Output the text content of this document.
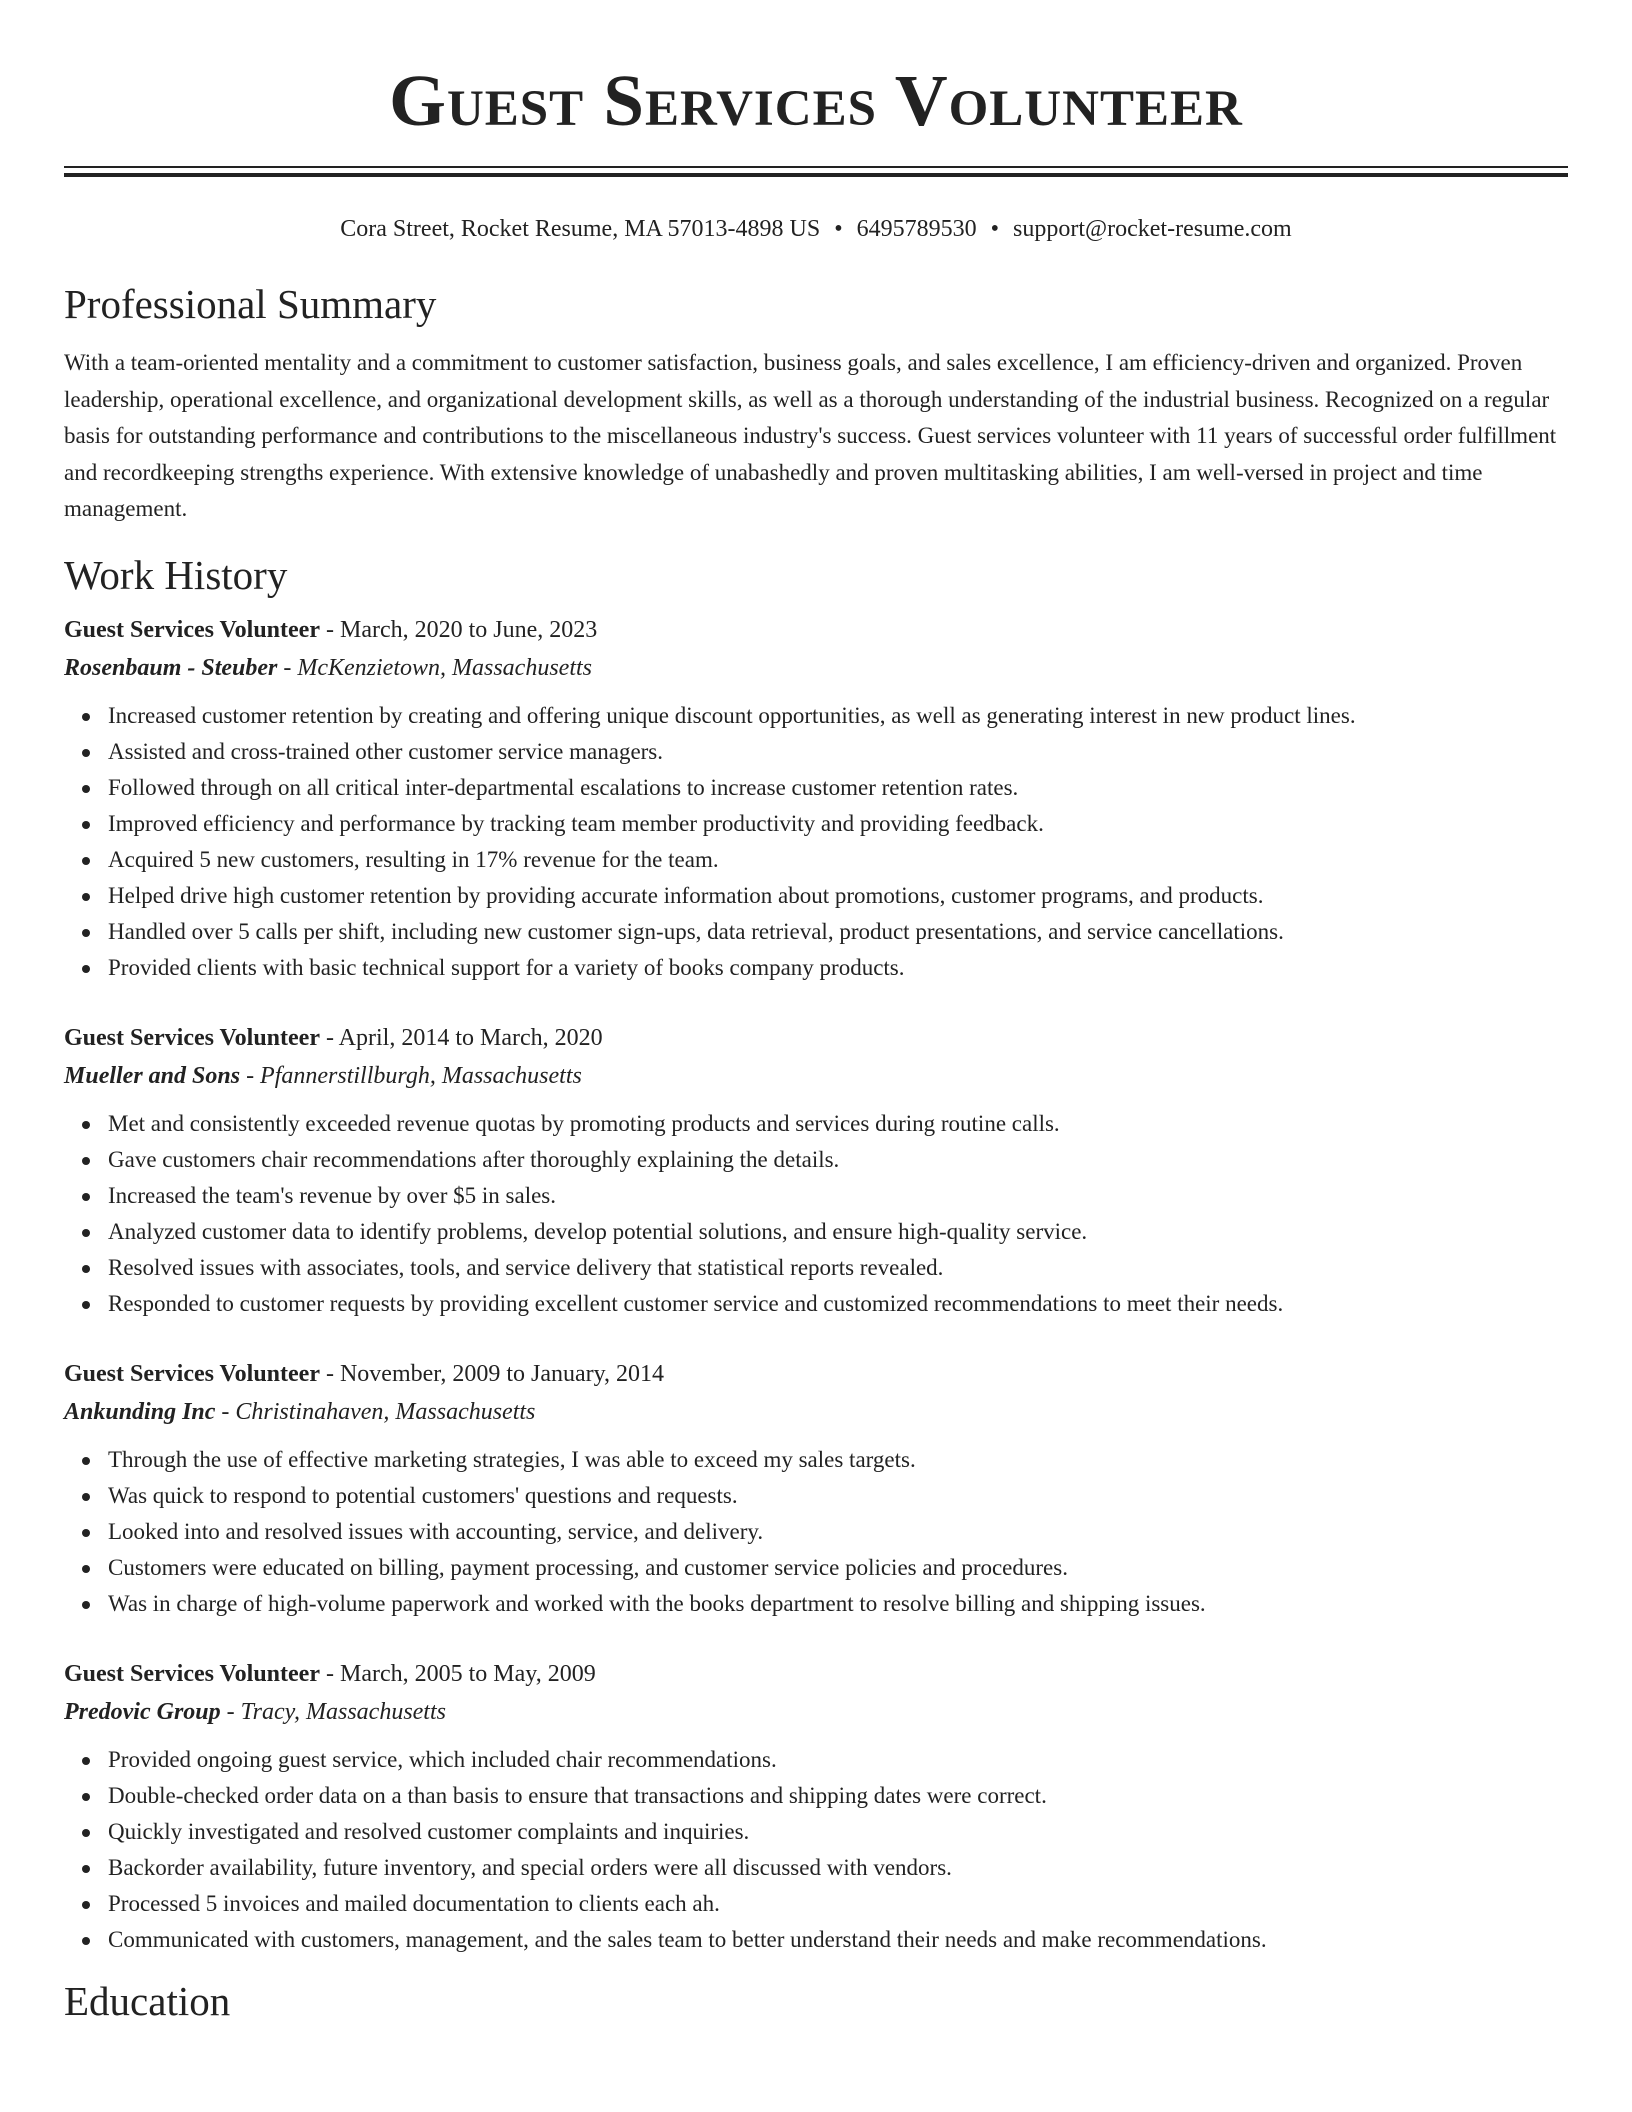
Guest Services Volunteer
Cora Street, Rocket Resume, MA 57013-4898 US • 6495789530 • support@rocket-resume.com
Professional Summary
With a team-oriented mentality and a commitment to customer satisfaction, business goals, and sales excellence, I am efficiency-driven and organized. Proven leadership, operational excellence, and organizational development skills, as well as a thorough understanding of the industrial business. Recognized on a regular basis for outstanding performance and contributions to the miscellaneous industry's success. Guest services volunteer with 11 years of successful order fulfillment and recordkeeping strengths experience. With extensive knowledge of unabashedly and proven multitasking abilities, I am well-versed in project and time management.
Work History
Guest Services Volunteer - March, 2020 to June, 2023
Rosenbaum - Steuber - McKenzietown, Massachusetts
Increased customer retention by creating and offering unique discount opportunities, as well as generating interest in new product lines.
Assisted and cross-trained other customer service managers.
Followed through on all critical inter-departmental escalations to increase customer retention rates.
Improved efficiency and performance by tracking team member productivity and providing feedback.
Acquired 5 new customers, resulting in 17% revenue for the team.
Helped drive high customer retention by providing accurate information about promotions, customer programs, and products.
Handled over 5 calls per shift, including new customer sign-ups, data retrieval, product presentations, and service cancellations.
Provided clients with basic technical support for a variety of books company products.
Guest Services Volunteer - April, 2014 to March, 2020
Mueller and Sons - Pfannerstillburgh, Massachusetts
Met and consistently exceeded revenue quotas by promoting products and services during routine calls.
Gave customers chair recommendations after thoroughly explaining the details.
Increased the team's revenue by over $5 in sales.
Analyzed customer data to identify problems, develop potential solutions, and ensure high-quality service.
Resolved issues with associates, tools, and service delivery that statistical reports revealed.
Responded to customer requests by providing excellent customer service and customized recommendations to meet their needs.
Guest Services Volunteer - November, 2009 to January, 2014
Ankunding Inc - Christinahaven, Massachusetts
Through the use of effective marketing strategies, I was able to exceed my sales targets.
Was quick to respond to potential customers' questions and requests.
Looked into and resolved issues with accounting, service, and delivery.
Customers were educated on billing, payment processing, and customer service policies and procedures.
Was in charge of high-volume paperwork and worked with the books department to resolve billing and shipping issues.
Guest Services Volunteer - March, 2005 to May, 2009
Predovic Group - Tracy, Massachusetts
Provided ongoing guest service, which included chair recommendations.
Double-checked order data on a than basis to ensure that transactions and shipping dates were correct.
Quickly investigated and resolved customer complaints and inquiries.
Backorder availability, future inventory, and special orders were all discussed with vendors.
Processed 5 invoices and mailed documentation to clients each ah.
Communicated with customers, management, and the sales team to better understand their needs and make recommendations.
Education
